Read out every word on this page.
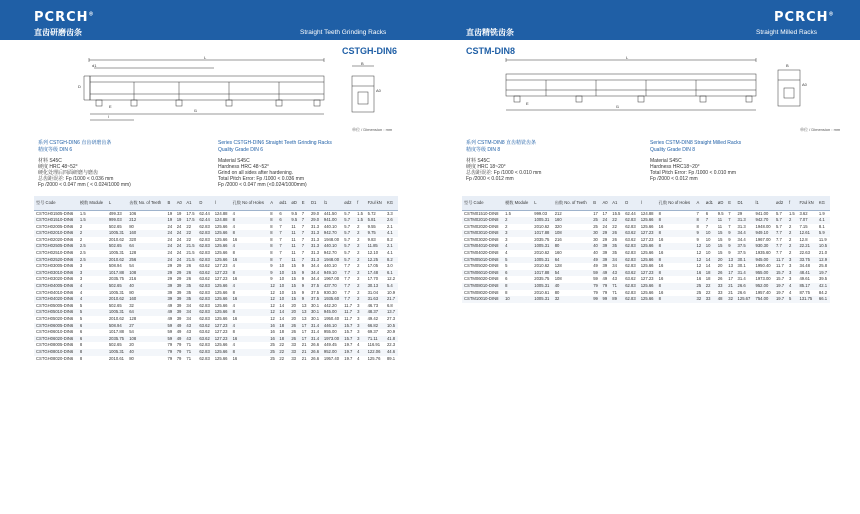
PCRCH®
直齿研磨齿条	Straight Teeth Grinding Racks
PCRCH®
直齿精铣齿条	Straight Milled Racks
CSTGH-DIN6	CSTM-DIN8
L
d1
E
l1
l
D
B
A0
单位 / Dimension : mm
L
E
l1
B
A0
单位 / Dimension : mm
系列 CSTGH-DIN6 直齿研磨齿条
精度等级 DIN 6
Series CSTGH-DIN6 Straight Teeth Grinding Racks
Quality Grade DIN 6
材料 S45C
硬度 HRC 48~52°
硬化处理后四面研磨与磨齿
总齿距误差: Fp /1000 < 0.036 mm
Fp /2000 < 0.047 mm ( < 0.024/1000 mm)
Material S45C
Hardness HRC 48~52°
Grind on all sides after hardening.
Total Pitch Error: Fp /1000 < 0.036 mm
Fp /2000 < 0.047 mm (<0.024/1000mm)
系列 CSTM-DIN8 直齿精铣齿条
精度等级 DIN 8
Series CSTM-DIN8 Straight Milled Racks
Quality Grade DIN 8
材料 S45C
硬度 HRC 18~20°
总齿距误差: Fp /1000 < 0.010 mm
Fp /2000 < 0.012 mm
Material S45C
Hardness HRC18~20°
Total Pitch Error: Fp /1000 < 0.010 mm
Fp /2000 < 0.012 mm
型号 Code	模数 Module	L	齿数 No. of Teeth	B	A0	A1	D	l	孔数 No of Holes	A	ød1	øD	E	D1	l1	ød2	f	Fzul kN	KG
CSTGH01505-DIN6	1.5	499.33	106	19	19	17.5	62.44	124.88	4	8	6	9.5	7	29.0	441.50	5.7	1.5	5.72	3.3
CSTGH01510-DIN6	1.5	999.03	212	19	19	17.5	62.44	124.88	8	8	6	9.5	7	29.0	941.00	5.7	1.5	5.81	2.6
CSTGH02005-DIN6	2	502.65	80	24	24	22	62.83	125.66	4	8	7	11	7	31.3	440.10	5.7	2	9.55	2.1
CSTGH02010-DIN6	2	1005.31	160	24	24	22	62.83	125.66	8	8	7	11	7	31.3	942.70	5.7	2	9.75	4.1
CSTGH02020-DIN6	2	2010.62	320	24	24	22	62.83	125.66	16	8	7	11	7	31.3	1948.00	5.7	2	9.83	8.2
CSTGH02505-DIN6	2.5	502.65	64	24	24	21.5	62.83	125.66	4	8	7	11	7	31.3	440.10	5.7	2	11.85	2.1
CSTGH02510-DIN6	2.5	1005.31	128	24	24	21.5	62.83	125.66	8	8	7	11	7	31.3	942.70	5.7	2	12.10	4.1
CSTGH02520-DIN6	2.5	2010.62	256	24	24	21.5	62.83	125.66	16	8	7	11	7	31.3	1948.00	5.7	2	12.25	8.2
CSTGH03005-DIN6	3	508.94	54	29	29	26	63.62	127.23	4	9	10	15	9	34.4	440.10	7.7	2	17.05	3.0
CSTGH03010-DIN6	3	1017.88	108	29	29	26	63.62	127.23	8	9	10	15	9	34.4	949.10	7.7	2	17.48	6.1
CSTGH03020-DIN6	3	2035.75	216	29	29	26	63.62	127.23	16	9	10	15	9	34.4	1967.00	7.7	2	17.70	12.2
CSTGH04005-DIN6	4	502.65	40	39	39	35	62.83	125.66	4	12	10	15	9	37.5	437.70	7.7	2	30.13	5.4
CSTGH04010-DIN6	4	1005.31	80	39	39	35	62.83	125.66	8	12	10	15	9	37.5	930.30	7.7	2	31.04	10.9
CSTGH04020-DIN6	4	2010.62	160	39	39	35	62.83	125.66	16	12	10	15	9	37.5	1935.60	7.7	2	31.63	21.7
CSTGH05005-DIN6	5	502.65	32	49	39	34	62.83	125.66	4	12	14	20	13	30.1	442.20	11.7	3	46.73	6.8
CSTGH05010-DIN6	5	1005.31	64	49	39	34	62.83	125.66	8	12	14	20	13	30.1	945.00	11.7	3	48.37	13.7
CSTGH05020-DIN6	5	2010.62	128	49	39	34	62.83	125.66	16	12	14	20	13	30.1	1950.40	11.7	3	49.42	27.3
CSTGH06005-DIN6	6	508.94	27	59	49	43	63.62	127.23	4	16	18	26	17	31.4	446.10	15.7	3	66.82	10.5
CSTGH06010-DIN6	6	1017.88	54	59	49	43	63.62	127.23	8	16	18	26	17	31.4	955.00	15.7	3	69.37	20.9
CSTGH06020-DIN6	6	2035.75	108	59	49	43	63.62	127.23	16	16	18	26	17	31.4	1973.00	15.7	3	71.11	41.8
CSTGH08005-DIN6	8	502.65	20	79	79	71	62.83	125.66	4	25	22	33	21	26.6	449.45	19.7	4	116.91	22.3
CSTGH08010-DIN6	8	1005.31	40	79	79	71	62.83	125.66	8	25	22	33	21	26.6	952.00	19.7	4	122.06	44.6
CSTGH08020-DIN6	8	2010.61	80	79	79	71	62.83	125.66	16	25	22	33	21	26.6	1957.40	19.7	4	125.76	89.1
型号 Code	模数 Module	L	齿数 No. of Teeth	B	A0	A1	D	l	孔数 No of Holes	A	ød1	øD	E	D1	l1	ød2	f	Fzul kN	KG
CSTM01510-DIN8	1.5	999.03	212	17	17	15.5	62.44	124.88	8	7	6	9.5	7	29	941.00	5.7	1.5	3.62	1.9
CSTM02010-DIN8	2	1005.31	160	25	24	22	62.83	125.66	8	8	7	11	7	31.3	942.70	5.7	2	7.07	4.1
CSTM02020-DIN8	2	2010.62	320	25	24	22	62.83	125.66	16	8	7	11	7	31.3	1948.00	5.7	2	7.15	8.1
CSTM03010-DIN8	3	1017.88	108	30	29	26	63.62	127.23	8	9	10	15	9	34.4	949.10	7.7	2	12.61	5.9
CSTM03020-DIN8	3	2035.75	216	30	29	26	63.62	127.23	16	9	10	15	9	34.4	1967.00	7.7	2	12.8	11.9
CSTM04010-DIN8	4	1005.31	80	40	39	35	62.83	125.66	8	12	10	15	9	37.5	930.30	7.7	2	22.21	10.5
CSTM04020-DIN8	4	2010.62	160	40	39	35	62.83	125.66	16	12	10	15	9	37.5	1935.60	7.7	2	22.63	21.0
CSTM05010-DIN8	5	1005.31	64	49	39	34	62.83	125.66	8	12	14	20	13	30.1	945.00	11.7	3	33.75	12.9
CSTM05020-DIN8	5	2010.62	128	49	39	34	62.83	125.66	16	12	14	20	13	30.1	1950.40	11.7	3	34.48	25.8
CSTM06010-DIN8	6	1017.88	54	59	49	43	63.62	127.23	8	16	18	26	17	31.4	955.00	15.7	3	48.41	19.7
CSTM06020-DIN8	6	2035.75	108	59	49	43	63.62	127.23	16	16	18	26	17	31.4	1973.00	15.7	3	49.61	39.5
CSTM08010-DIN8	8	1005.31	40	79	79	71	62.83	125.66	8	25	22	33	21	26.6	952.00	19.7	4	85.17	42.1
CSTM08020-DIN8	8	2010.61	80	79	79	71	62.83	125.66	16	25	22	33	21	26.6	1957.40	19.7	4	87.75	84.2
CSTM10010-DIN8	10	1005.31	32	99	99	89	62.83	125.66	8	32	33	48	32	125.67	754.00	19.7	5	131.75	66.1
